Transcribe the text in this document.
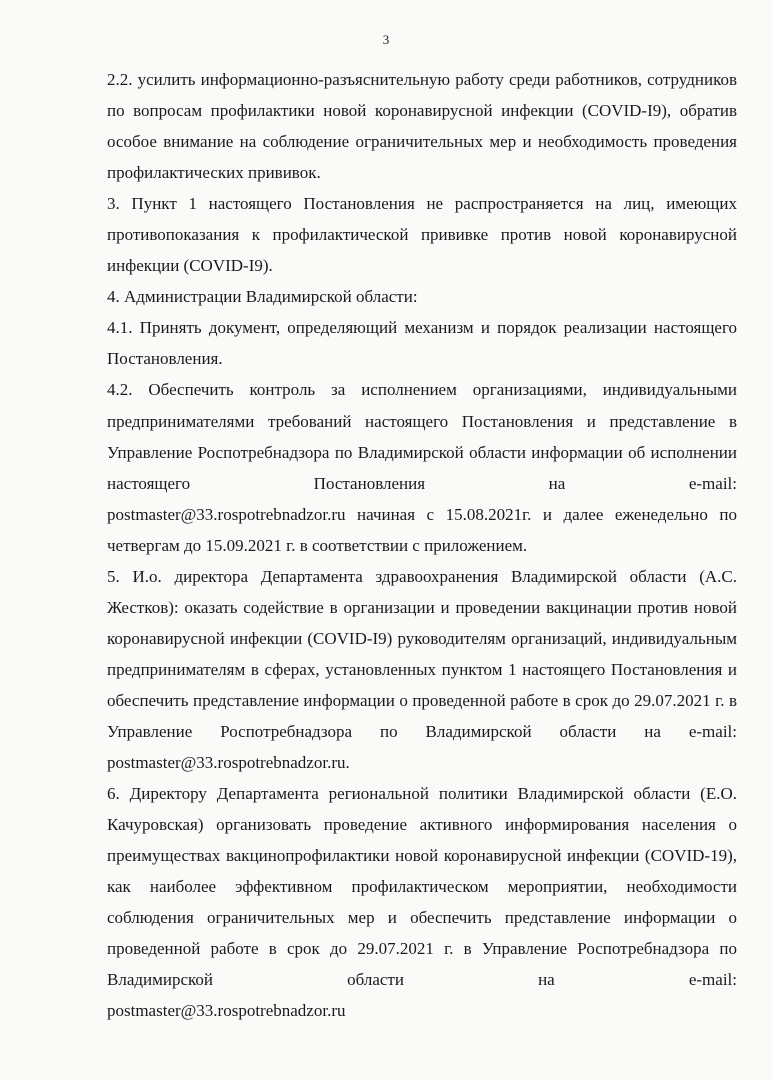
3

2.2. усилить информационно-разъяснительную работу среди работников, сотрудников по вопросам профилактики новой коронавирусной инфекции (COVID-I9), обратив особое внимание на соблюдение ограничительных мер и необходимость проведения профилактических прививок.

3. Пункт 1 настоящего Постановления не распространяется на лиц, имеющих противопоказания к профилактической прививке против новой коронавирусной инфекции (COVID-I9).

4. Администрации Владимирской области:

4.1. Принять документ, определяющий механизм и порядок реализации настоящего Постановления.

4.2. Обеспечить контроль за исполнением организациями, индивидуальными предпринимателями требований настоящего Постановления и представление в Управление Роспотребнадзора по Владимирской области информации об исполнении настоящего Постановления на e-mail:

postmaster@33.rospotrebnadzor.ru начиная с 15.08.2021г. и далее еженедельно по четвергам до 15.09.2021 г. в соответствии с приложением.

5. И.о. директора Департамента здравоохранения Владимирской области (А.С. Жестков): оказать содействие в организации и проведении вакцинации против новой коронавирусной инфекции (COVID-I9) руководителям организаций, индивидуальным предпринимателям в сферах, установленных пунктом 1 настоящего Постановления и обеспечить представление информации о проведенной работе в срок до 29.07.2021 г. в Управление Роспотребнадзора по Владимирской области на e-mail: postmaster@33.rospotrebnadzor.ru.

6. Директору Департамента региональной политики Владимирской области (Е.О. Качуровская) организовать проведение активного информирования населения о преимуществах вакцинопрофилактики новой коронавирусной инфекции (COVID-19), как наиболее эффективном профилактическом мероприятии, необходимости соблюдения ограничительных мер и обеспечить представление информации о проведенной работе в срок до 29.07.2021 г. в Управление Роспотребнадзора по Владимирской области на e-mail:

postmaster@33.rospotrebnadzor.ru
